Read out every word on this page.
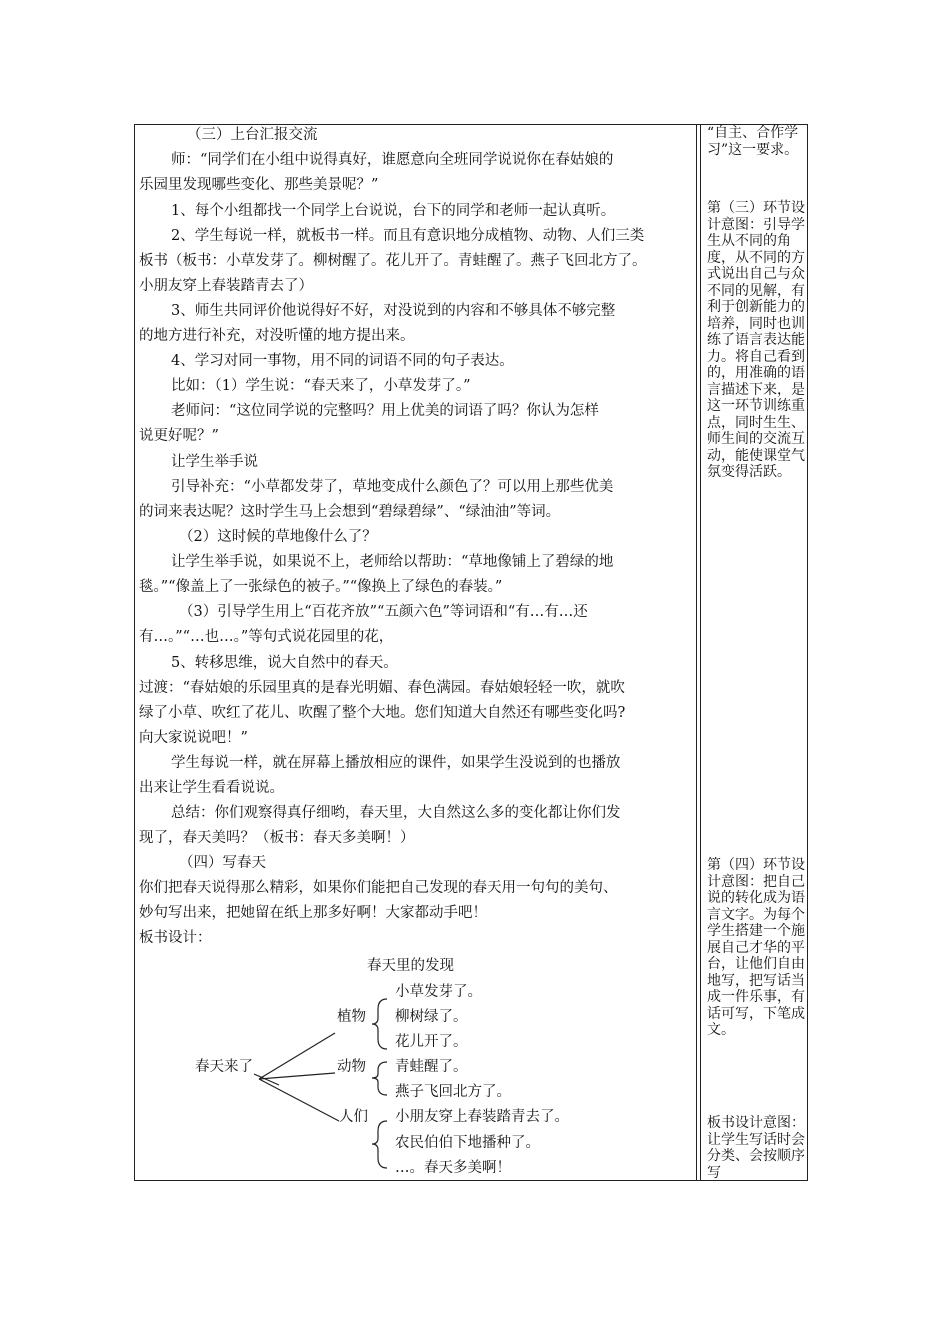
（三）上台汇报交流
师：“同学们在小组中说得真好，谁愿意向全班同学说说你在春姑娘的
乐园里发现哪些变化、那些美景呢？”
1、每个小组都找一个同学上台说说，台下的同学和老师一起认真听。
2、学生每说一样，就板书一样。而且有意识地分成植物、动物、人们三类
板书（板书：小草发芽了。柳树醒了。花儿开了。青蛙醒了。燕子飞回北方了。
小朋友穿上春装踏青去了）
3、师生共同评价他说得好不好，对没说到的内容和不够具体不够完整
的地方进行补充，对没听懂的地方提出来。
4、学习对同一事物，用不同的词语不同的句子表达。
比如：（1）学生说：“春天来了，小草发芽了。”
老师问：“这位同学说的完整吗？用上优美的词语了吗？你认为怎样
说更好呢？”
让学生举手说
引导补充：“小草都发芽了，草地变成什么颜色了？可以用上那些优美
的词来表达呢？这时学生马上会想到“碧绿碧绿”、“绿油油”等词。
（2）这时候的草地像什么了？
让学生举手说，如果说不上，老师给以帮助：“草地像铺上了碧绿的地
毯。”“像盖上了一张绿色的被子。”“像换上了绿色的春装。”
（3）引导学生用上“百花齐放”“五颜六色”等词语和“有…有…还
有…。”“…也…。”等句式说花园里的花，
5、转移思维，说大自然中的春天。
过渡：“春姑娘的乐园里真的是春光明媚、春色满园。春姑娘轻轻一吹，就吹
绿了小草、吹红了花儿、吹醒了整个大地。您们知道大自然还有哪些变化吗?
向大家说说吧！”
学生每说一样，就在屏幕上播放相应的课件，如果学生没说到的也播放
出来让学生看看说说。
总结：你们观察得真仔细哟，春天里，大自然这么多的变化都让你们发
现了，春天美吗？（板书：春天多美啊！）
（四）写春天
你们把春天说得那么精彩，如果你们能把自己发现的春天用一句句的美句、
妙句写出来，把她留在纸上那多好啊！大家都动手吧！
板书设计：
春天里的发现
春天来了
植物
动物
人们
小草发芽了。
柳树绿了。
花儿开了。
青蛙醒了。
燕子飞回北方了。
小朋友穿上春装踏青去了。
农民伯伯下地播种了。
…。春天多美啊！
“自主、合作学习”这一要求。
第（三）环节设计意图：引导学生从不同的角度，从不同的方式说出自己与众不同的见解，有利于创新能力的培养，同时也训练了语言表达能力。将自己看到的，用准确的语言描述下来，是这一环节训练重点，同时生生、师生间的交流互动，能使课堂气氛变得活跃。
第（四）环节设计意图：把自己说的转化成为语言文字。为每个学生搭建一个施展自己才华的平台，让他们自由地写，把写话当成一件乐事，有话可写，下笔成文。
板书设计意图：让学生写话时会分类、会按顺序写
